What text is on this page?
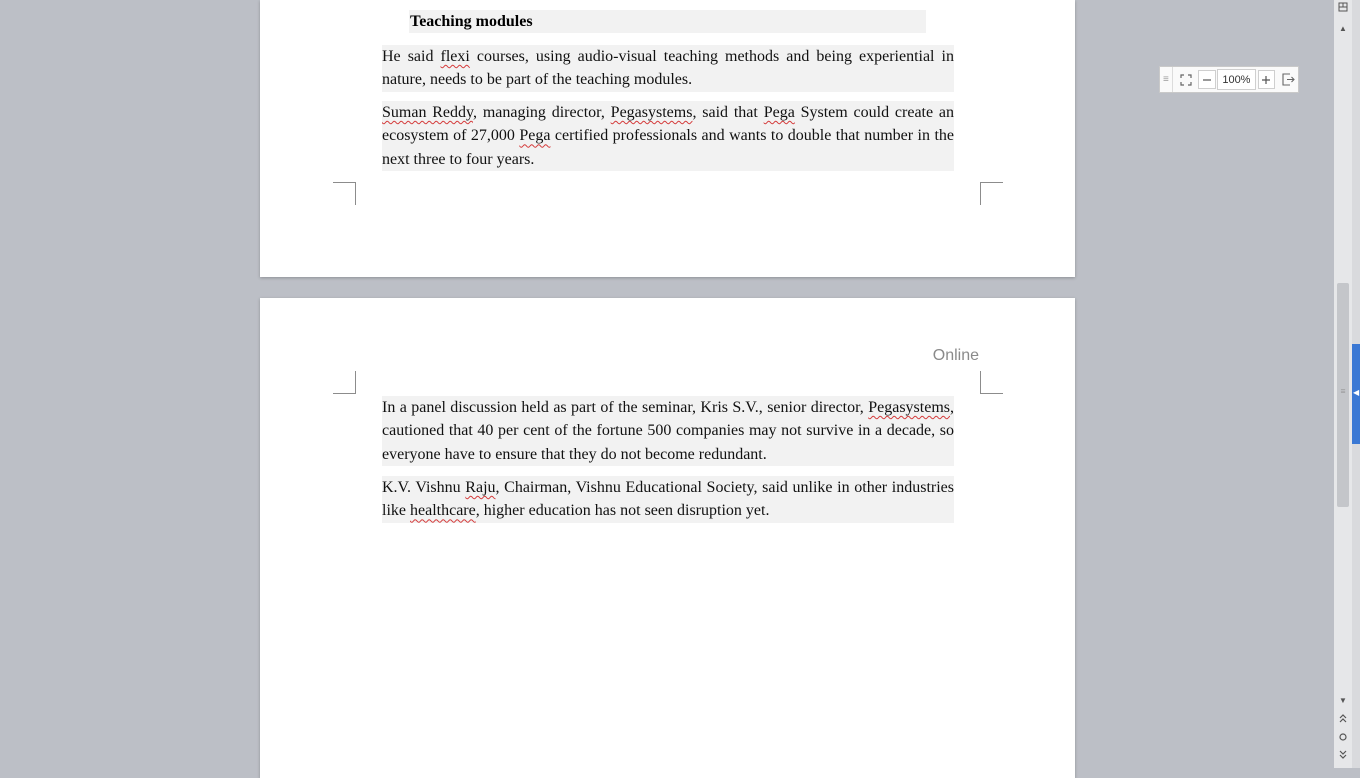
Teaching modules
He said flexi courses, using audio-visual teaching methods and being experiential in nature, needs to be part of the teaching modules.
Suman Reddy, managing director, Pegasystems, said that Pega System could create an ecosystem of 27,000 Pega certified professionals and wants to double that number in the next three to four years.
Online
In a panel discussion held as part of the seminar, Kris S.V., senior director, Pegasystems, cautioned that 40 per cent of the fortune 500 companies may not survive in a decade, so everyone have to ensure that they do not become redundant.
K.V. Vishnu Raju, Chairman, Vishnu Educational Society, said unlike in other industries like healthcare, higher education has not seen disruption yet.
≡	100%
▲
≡
▼
◀
